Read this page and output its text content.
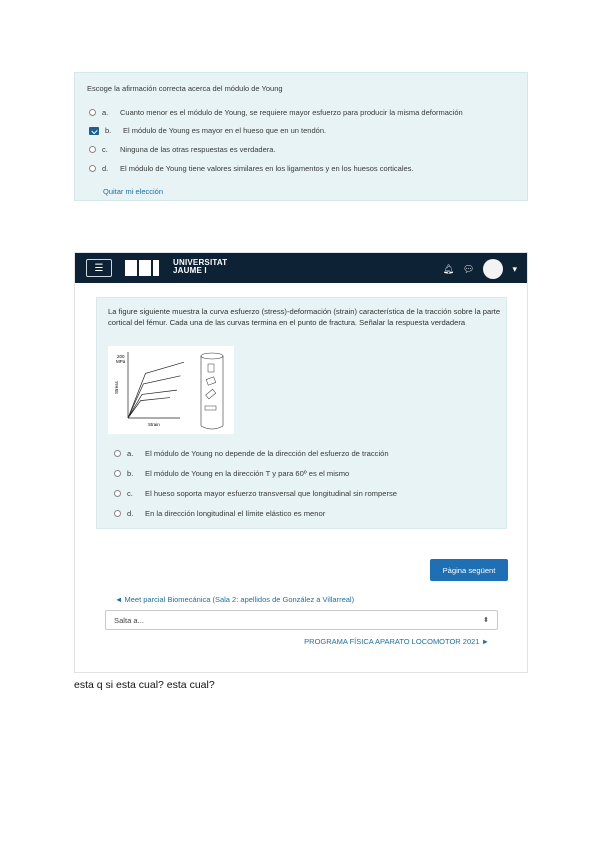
Escoge la afirmación correcta acerca del módulo de Young
a.	Cuanto menor es el módulo de Young, se requiere mayor esfuerzo para producir la misma deformación
b.	El módulo de Young es mayor en el hueso que en un tendón.
c.	Ninguna de las otras respuestas es verdadera.
d.	El módulo de Young tiene valores similares en los ligamentos y en los huesos corticales.
Quitar mi elección
☰	UNIVERSITAT
JAUME I	🔔︎ 💬︎	▾
La figure siguiente muestra la curva esfuerzo (stress)-deformación (strain) característica de la tracción sobre la parte cortical del fémur. Cada una de las curvas termina en el punto de fractura. Señalar la respuesta verdadera
200
MPa
Stress
Strain
a.	El módulo de Young no depende de la dirección del esfuerzo de tracción
b.	El módulo de Young en la dirección T y para 60º es el mismo
c.	El hueso soporta mayor esfuerzo transversal que longitudinal sin romperse
d.	En la dirección longitudinal el límite elástico es menor
Pàgina següent
◄ Meet parcial Biomecánica (Sala 2: apellidos de González a Villarreal)
Salta a...	⬍
PROGRAMA FÍSICA APARATO LOCOMOTOR 2021 ►
esta q si esta cual? esta cual?
